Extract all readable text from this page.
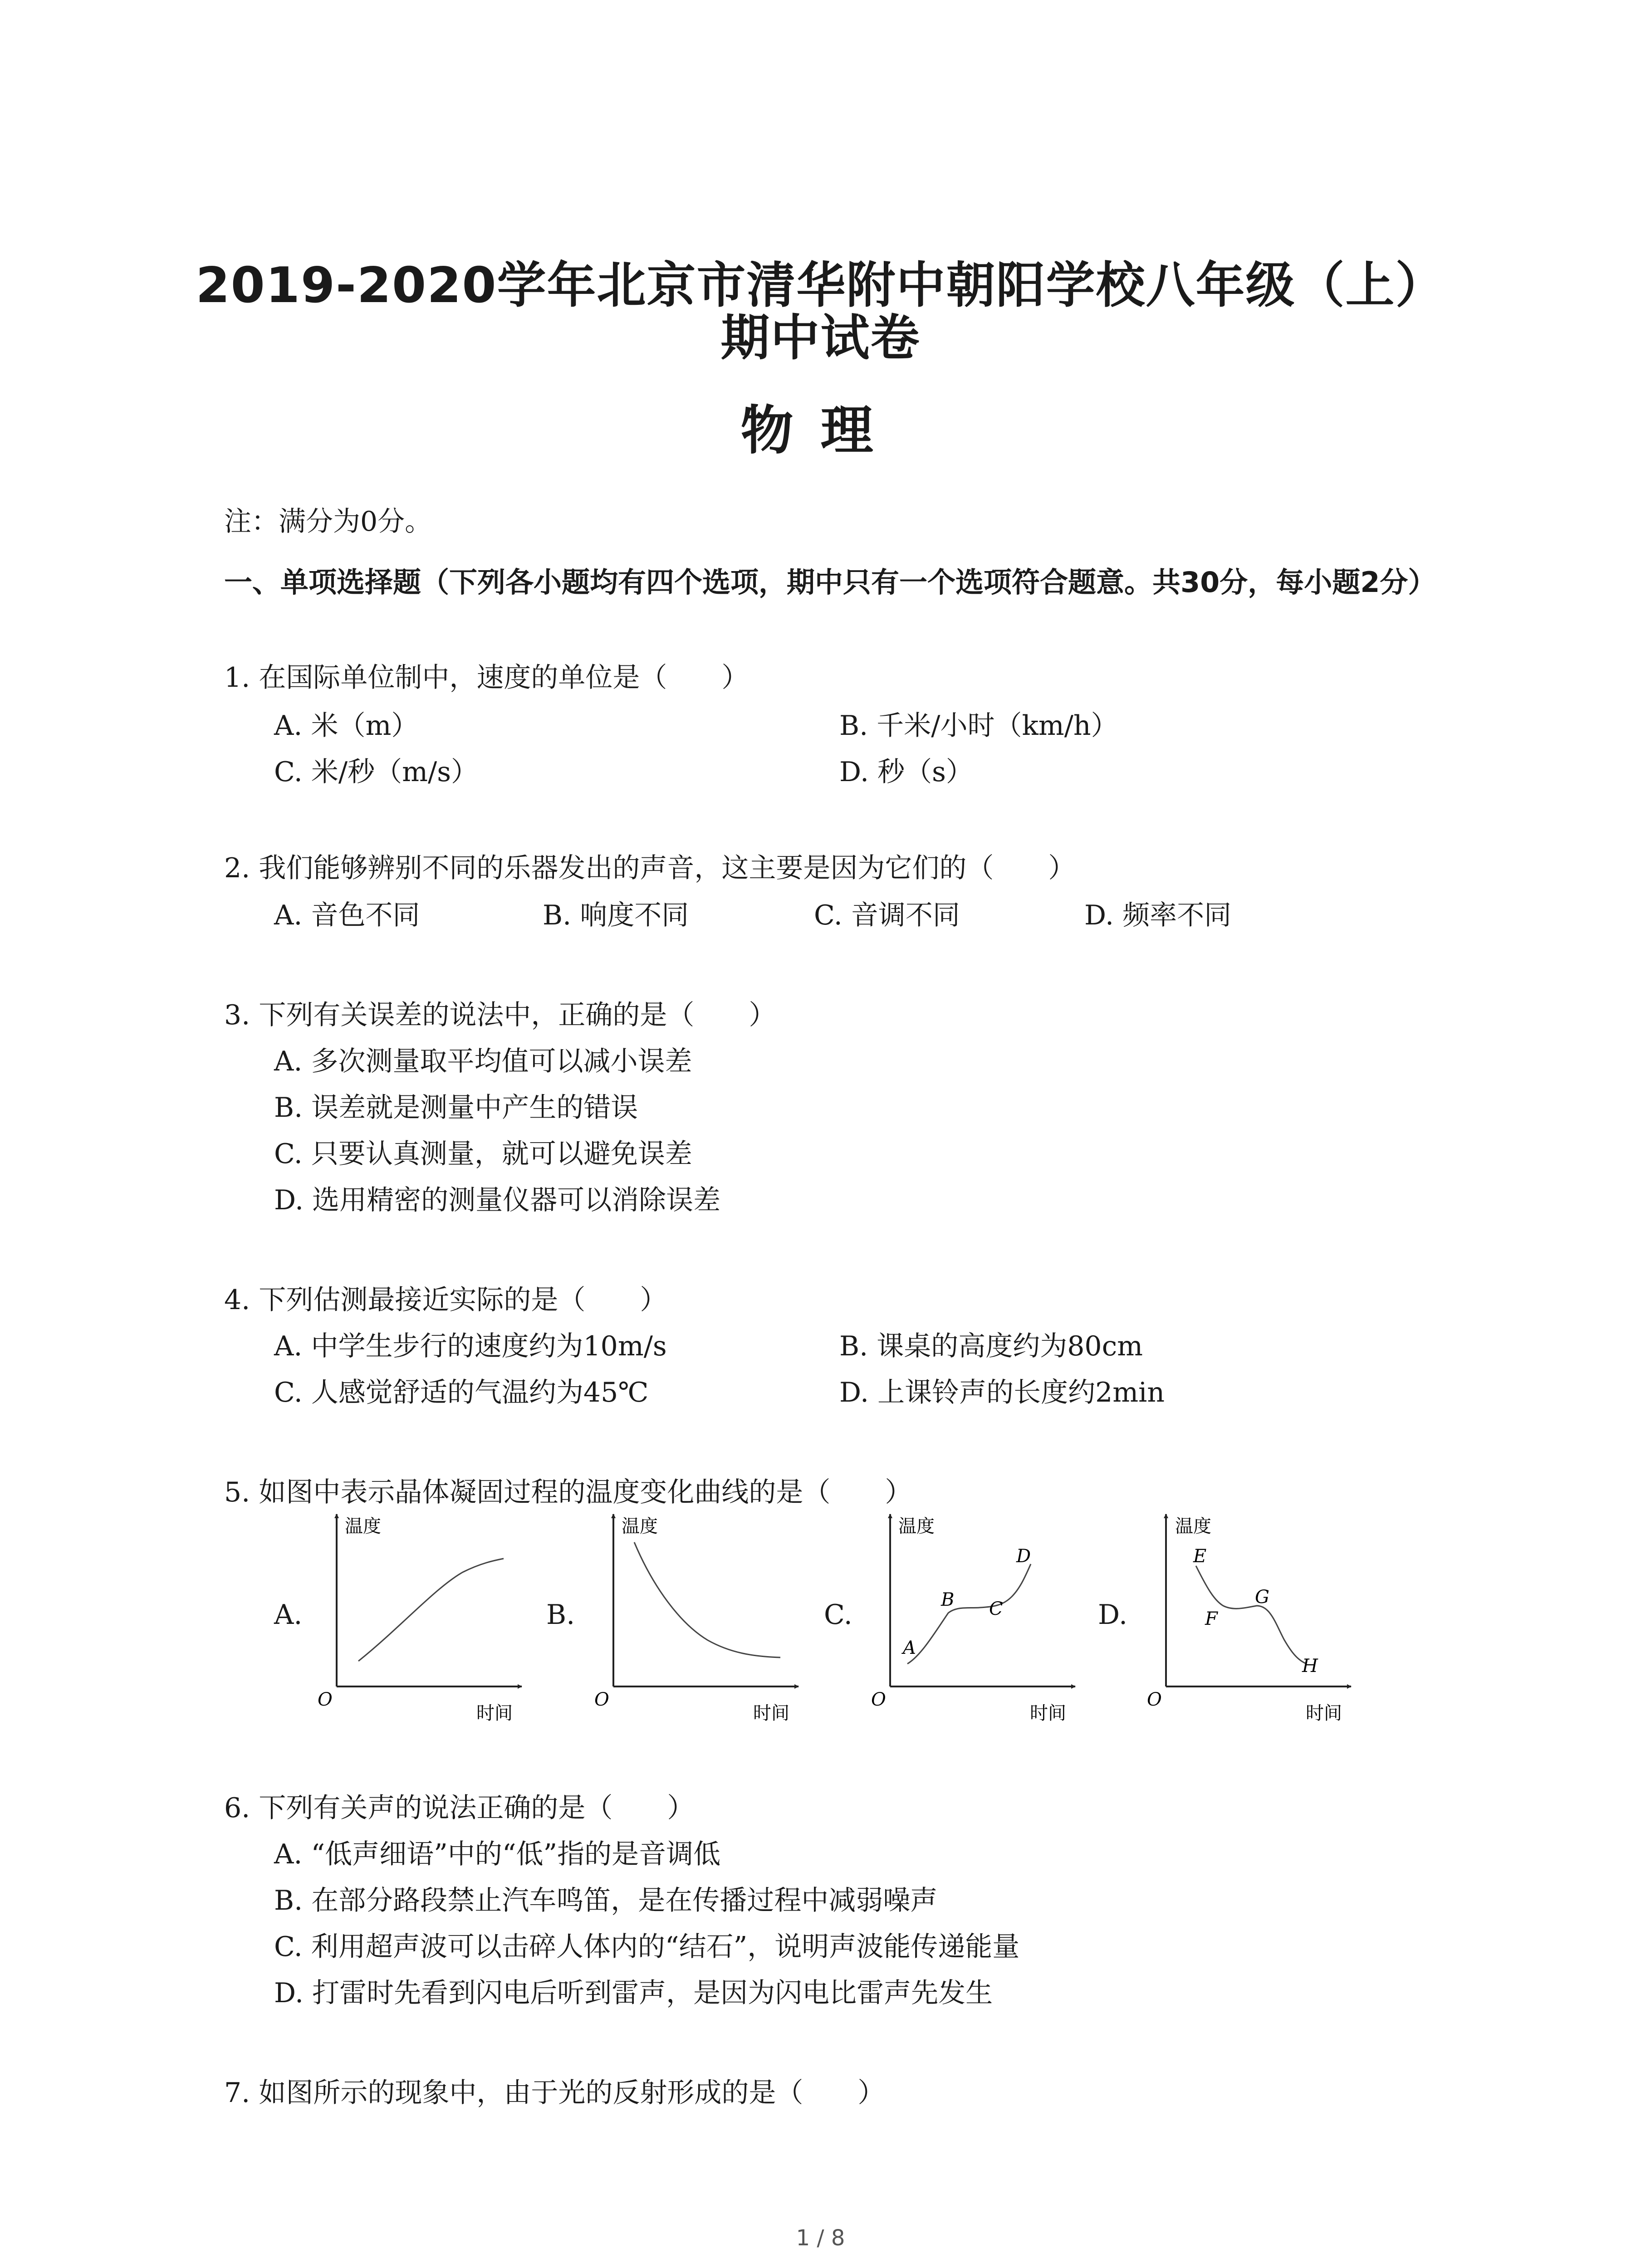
2019-2020学年北京市清华附中朝阳学校八年级（上）
期中试卷
物理
注：满分为0分。
一、单项选择题（下列各小题均有四个选项，期中只有一个选项符合题意。共30分，每小题2分）
1. 在国际单位制中，速度的单位是（　　）
A. 米（m）	B. 千米/小时（km/h）
C. 米/秒（m/s）	D. 秒（s）
2. 我们能够辨别不同的乐器发出的声音，这主要是因为它们的（　　）
A. 音色不同	B. 响度不同	C. 音调不同	D. 频率不同
3. 下列有关误差的说法中，正确的是（　　）
A. 多次测量取平均值可以减小误差
B. 误差就是测量中产生的错误
C. 只要认真测量，就可以避免误差
D. 选用精密的测量仪器可以消除误差
4. 下列估测最接近实际的是（　　）
A. 中学生步行的速度约为10m/s	B. 课桌的高度约为80cm
C. 人感觉舒适的气温约为45℃	D. 上课铃声的长度约2min
5. 如图中表示晶体凝固过程的温度变化曲线的是（　　）
A.	B.	C.	D.
温度
时间
O
温度
时间
O
温度
时间
O
A
B C
D
温度
时间
O
E
F
G
H
6. 下列有关声的说法正确的是（　　）
A. “低声细语”中的“低”指的是音调低
B. 在部分路段禁止汽车鸣笛，是在传播过程中减弱噪声
C. 利用超声波可以击碎人体内的“结石”，说明声波能传递能量
D. 打雷时先看到闪电后听到雷声，是因为闪电比雷声先发生
7. 如图所示的现象中，由于光的反射形成的是（　　）
1 / 8
